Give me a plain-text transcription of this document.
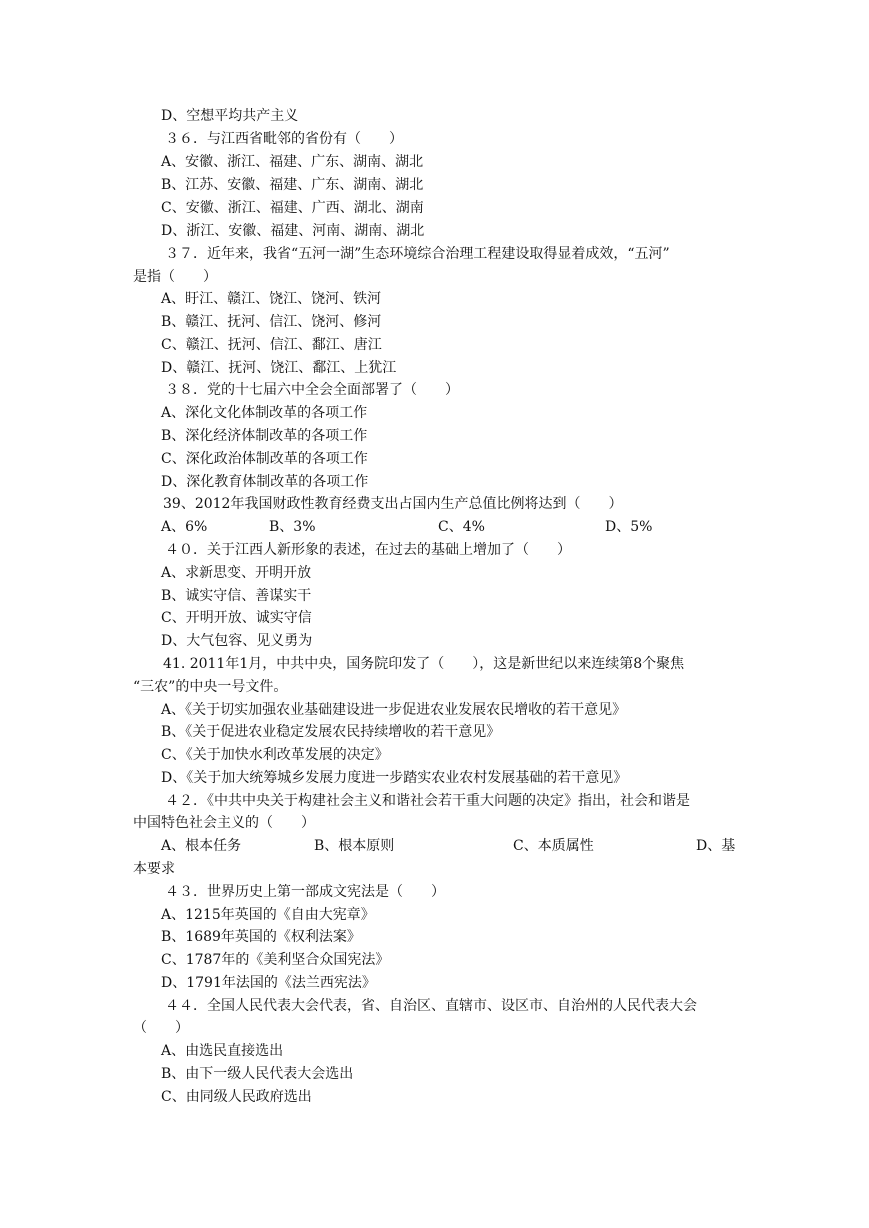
D、空想平均共产主义
３６．与江西省毗邻的省份有（　　）
A、安徽、浙江、福建、广东、湖南、湖北
B、江苏、安徽、福建、广东、湖南、湖北
C、安徽、浙江、福建、广西、湖北、湖南
D、浙江、安徽、福建、河南、湖南、湖北
３７．近年来，我省“五河一湖”生态环境综合治理工程建设取得显着成效，“五河”
是指（　　）
A、盱江、赣江、饶江、饶河、铁河
B、赣江、抚河、信江、饶河、修河
C、赣江、抚河、信江、鄱江、唐江
D、赣江、抚河、饶江、鄱江、上犹江
３８．党的十七届六中全会全面部署了（　　）
A、深化文化体制改革的各项工作
B、深化经济体制改革的各项工作
C、深化政治体制改革的各项工作
D、深化教育体制改革的各项工作
39、2012年我国财政性教育经费支出占国内生产总值比例将达到（　　）
A、6%	B、3%	C、4%	D、5%
４０．关于江西人新形象的表述，在过去的基础上增加了（　　）
A、求新思变、开明开放
B、诚实守信、善谋实干
C、开明开放、诚实守信
D、大气包容、见义勇为
41. 2011年1月，中共中央，国务院印发了（　　），这是新世纪以来连续第8个聚焦
“三农”的中央一号文件。
A、《关于切实加强农业基础建设进一步促进农业发展农民增收的若干意见》
B、《关于促进农业稳定发展农民持续增收的若干意见》
C、《关于加快水利改革发展的决定》
D、《关于加大统筹城乡发展力度进一步踏实农业农村发展基础的若干意见》
４２．《中共中央关于构建社会主义和谐社会若干重大问题的决定》指出，社会和谐是
中国特色社会主义的（　　）
A、根本任务	B、根本原则	C、本质属性	D、基
本要求
４３．世界历史上第一部成文宪法是（　　）
A、1215年英国的《自由大宪章》
B、1689年英国的《权利法案》
C、1787年的《美利坚合众国宪法》
D、1791年法国的《法兰西宪法》
４４．全国人民代表大会代表，省、自治区、直辖市、设区市、自治州的人民代表大会
（　　）
A、由选民直接选出
B、由下一级人民代表大会选出
C、由同级人民政府选出
